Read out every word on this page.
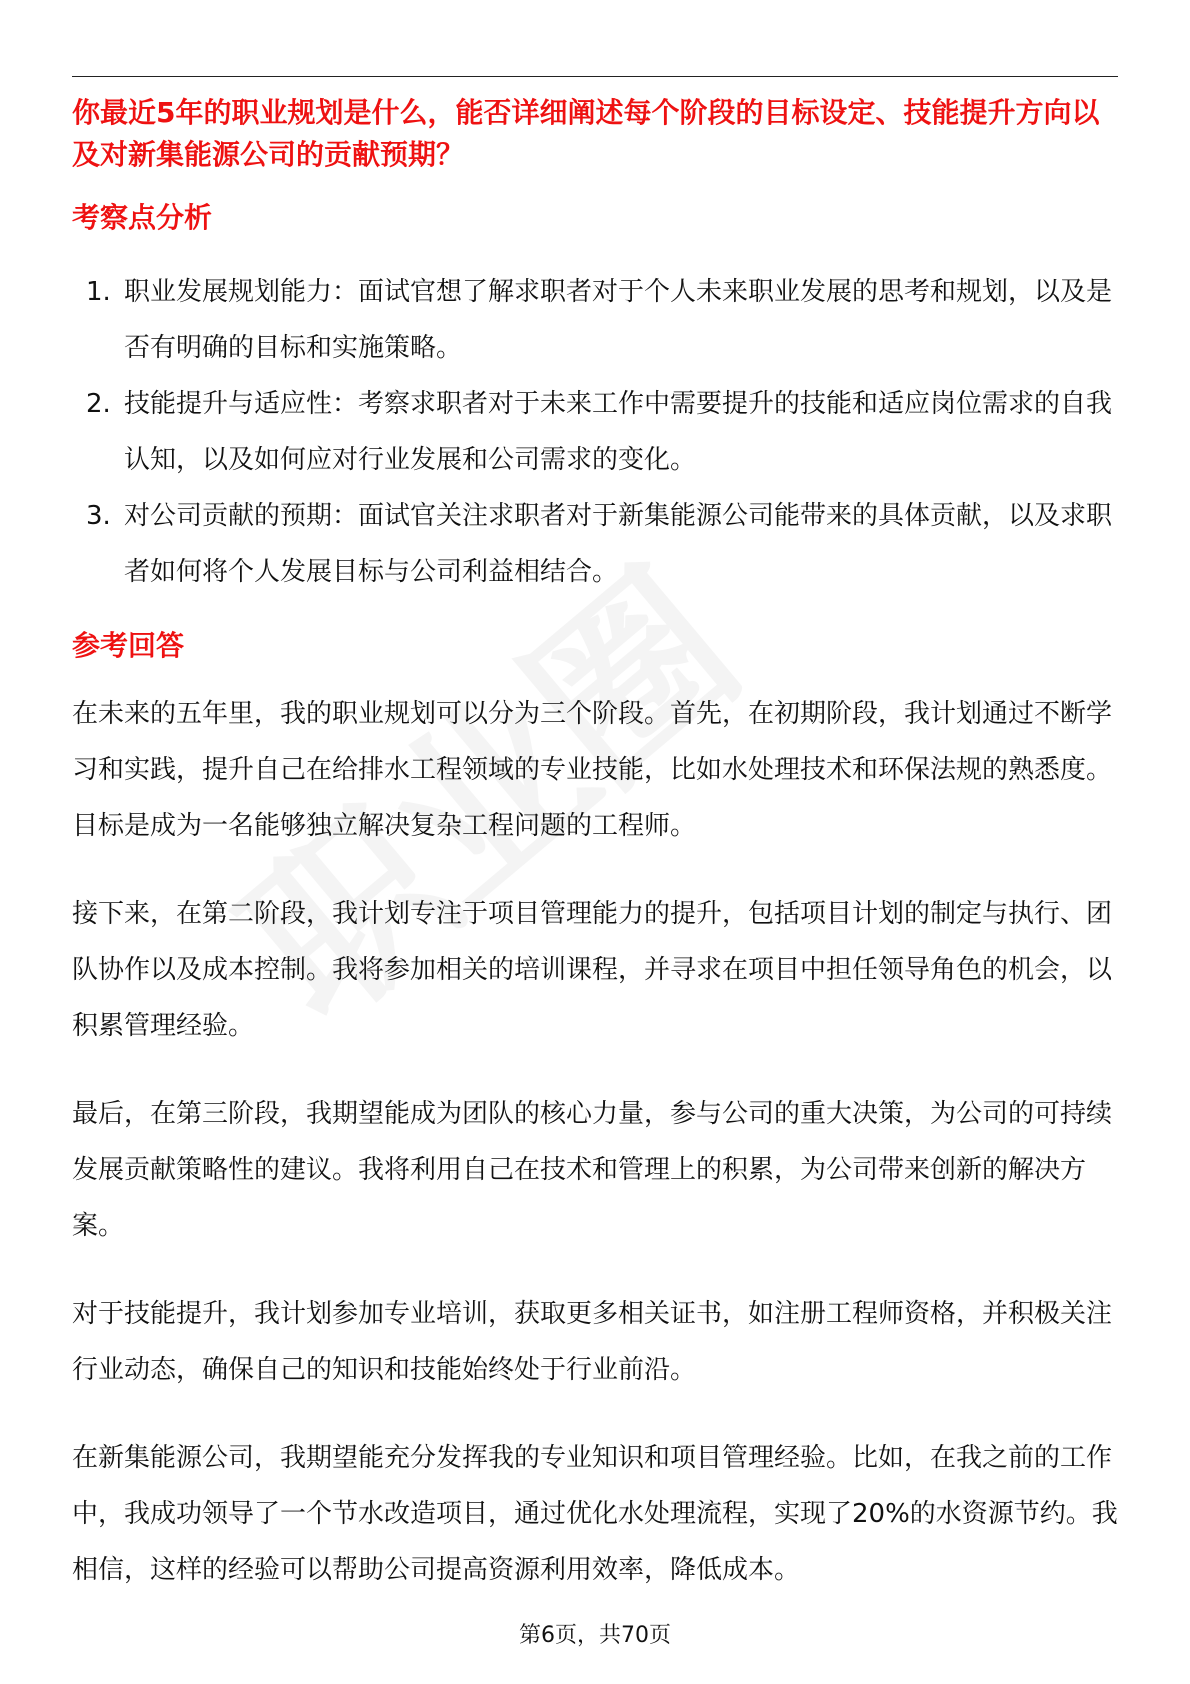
你最近5年的职业规划是什么，能否详细阐述每个阶段的目标设定、技能提升方向以及对新集能源公司的贡献预期？

考察点分析
1. 职业发展规划能力：面试官想了解求职者对于个人未来职业发展的思考和规划，以及是否有明确的目标和实施策略。
2. 技能提升与适应性：考察求职者对于未来工作中需要提升的技能和适应岗位需求的自我认知，以及如何应对行业发展和公司需求的变化。
3. 对公司贡献的预期：面试官关注求职者对于新集能源公司能带来的具体贡献，以及求职者如何将个人发展目标与公司利益相结合。
参考回答

在未来的五年里，我的职业规划可以分为三个阶段。首先，在初期阶段，我计划通过不断学习和实践，提升自己在给排水工程领域的专业技能，比如水处理技术和环保法规的熟悉度。目标是成为一名能够独立解决复杂工程问题的工程师。

接下来，在第二阶段，我计划专注于项目管理能力的提升，包括项目计划的制定与执行、团队协作以及成本控制。我将参加相关的培训课程，并寻求在项目中担任领导角色的机会，以积累管理经验。

最后，在第三阶段，我期望能成为团队的核心力量，参与公司的重大决策，为公司的可持续发展贡献策略性的建议。我将利用自己在技术和管理上的积累，为公司带来创新的解决方案。

对于技能提升，我计划参加专业培训，获取更多相关证书，如注册工程师资格，并积极关注行业动态，确保自己的知识和技能始终处于行业前沿。

在新集能源公司，我期望能充分发挥我的专业知识和项目管理经验。比如，在我之前的工作中，我成功领导了一个节水改造项目，通过优化水处理流程，实现了20%的水资源节约。我相信，这样的经验可以帮助公司提高资源利用效率，降低成本。

第6页，共70页
